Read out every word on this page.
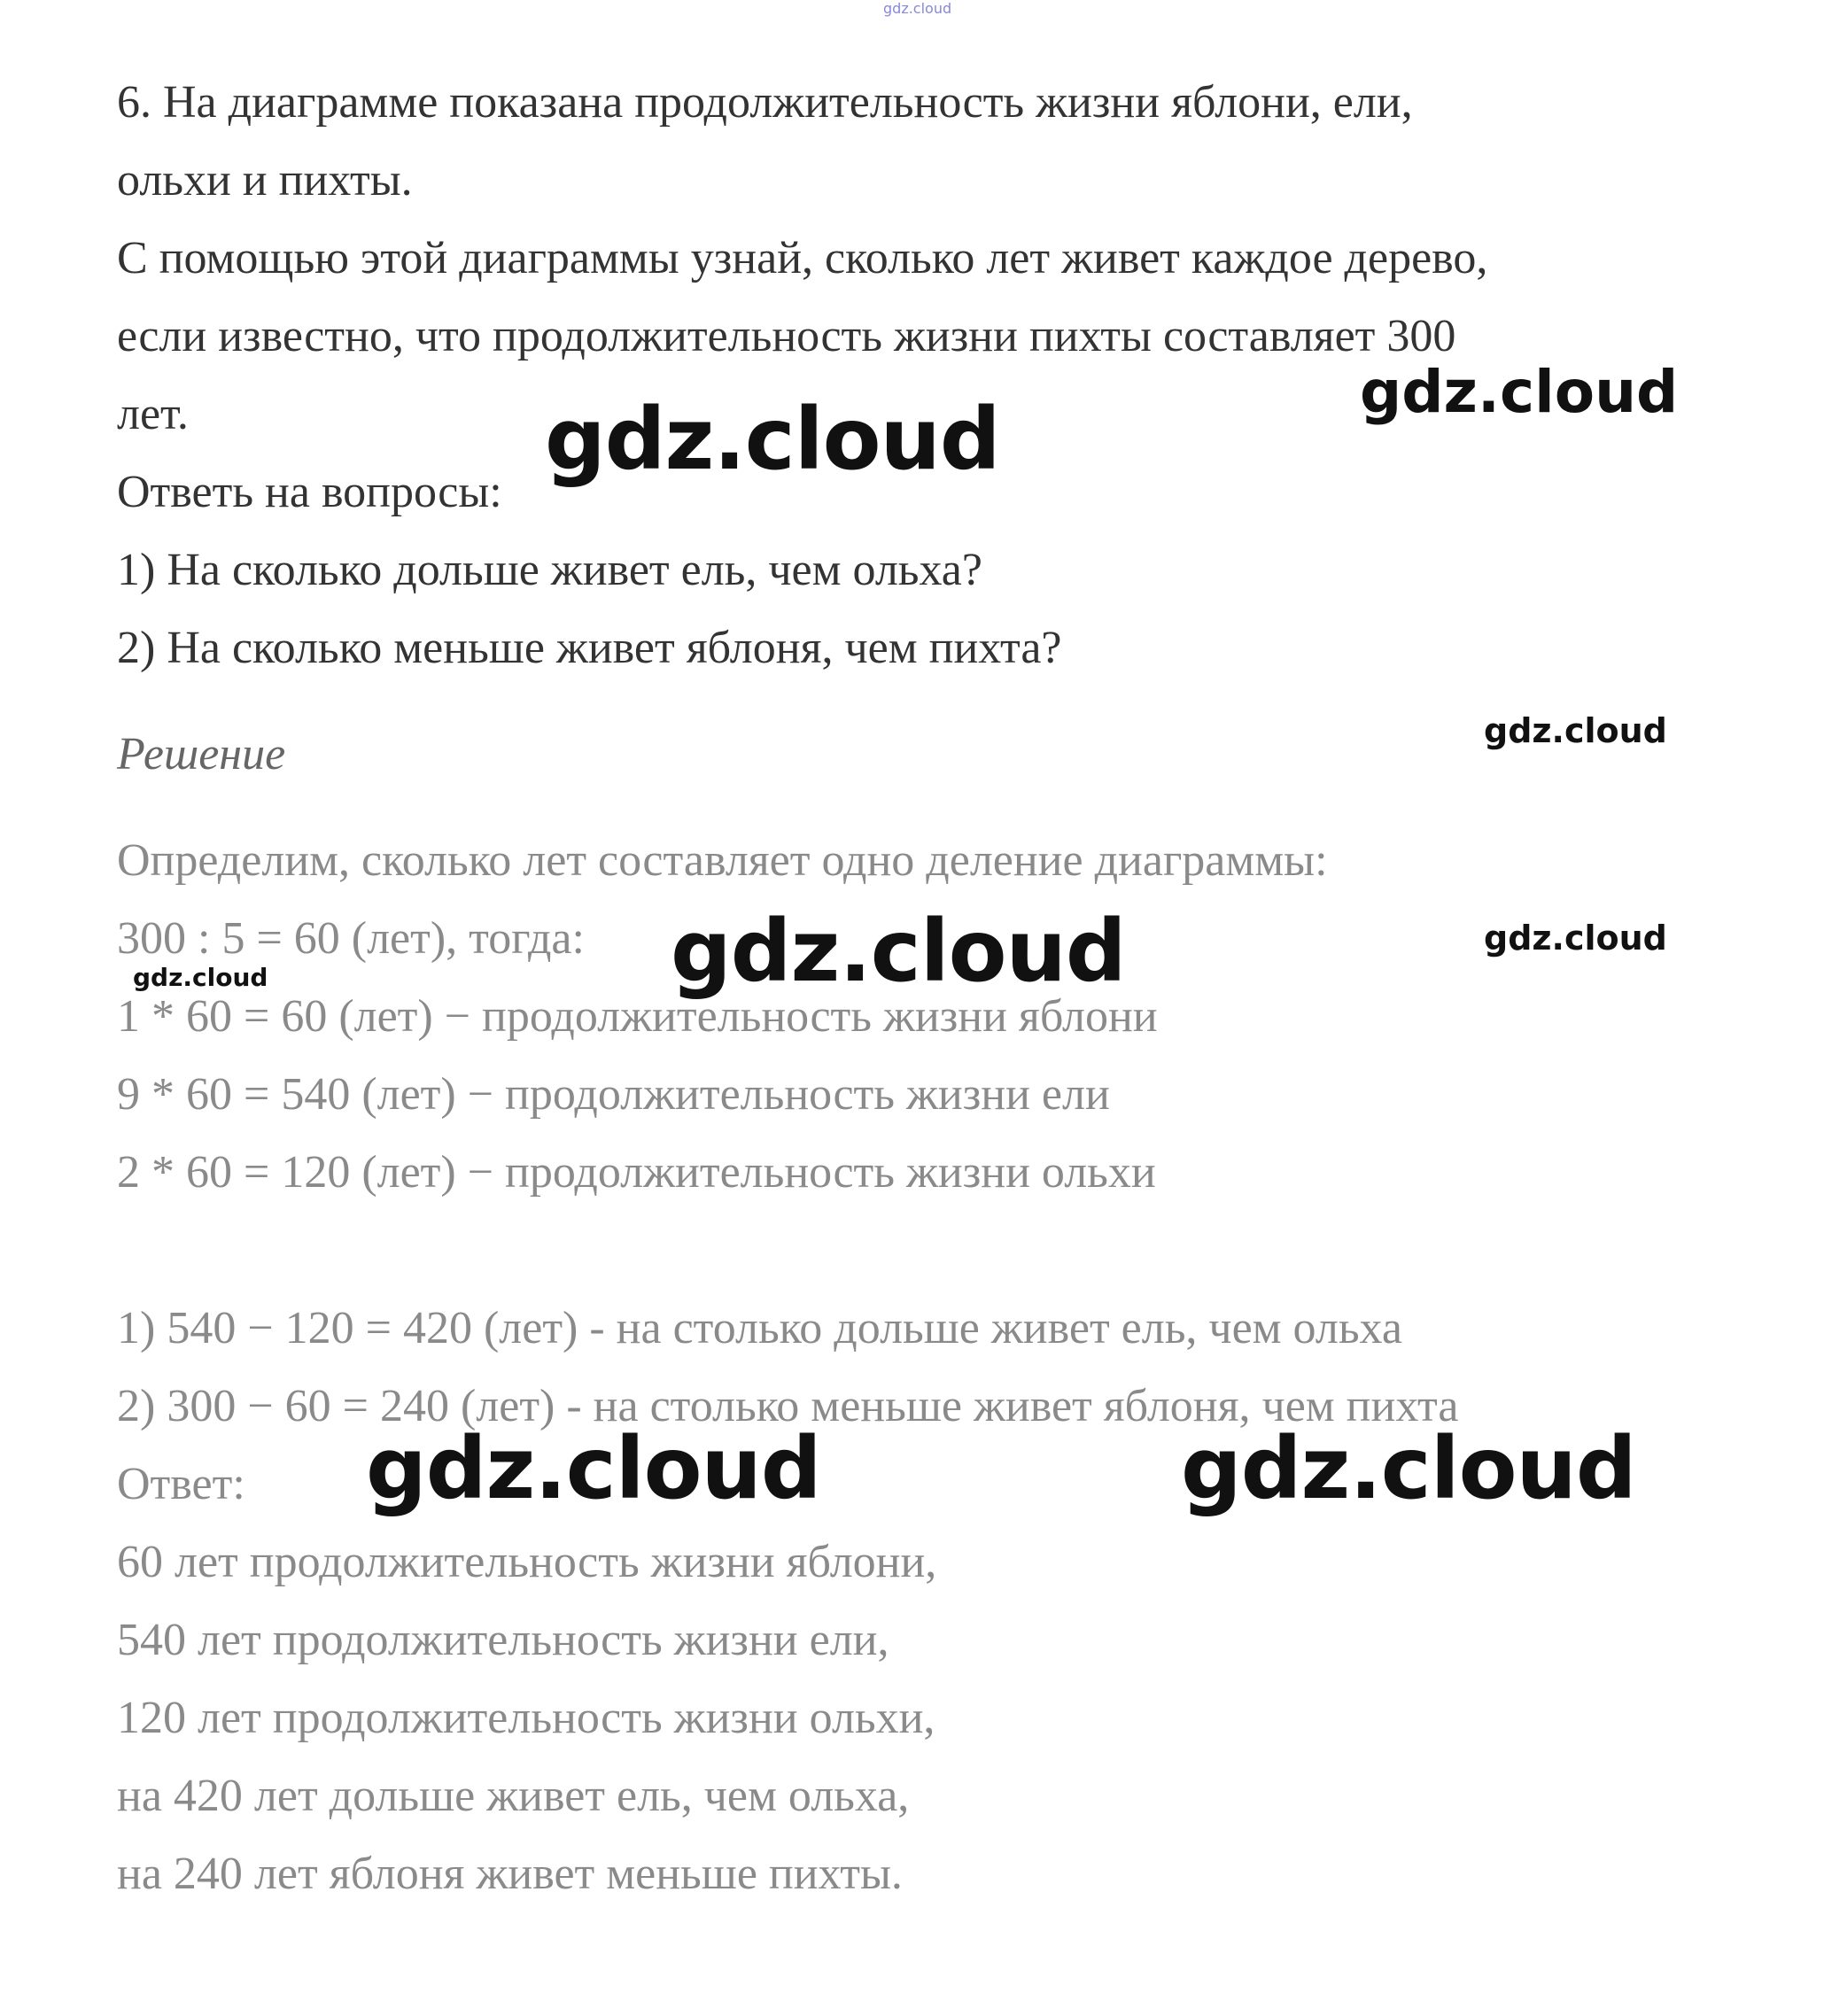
gdz.cloud

6. На диаграмме показана продолжительность жизни яблони, ели,

ольхи и пихты.

С помощью этой диаграммы узнай, сколько лет живет каждое дерево,

если известно, что продолжительность жизни пихты составляет 300

лет.

Ответь на вопросы:

1) На сколько дольше живет ель, чем ольха?

2) На сколько меньше живет яблоня, чем пихта?

Решение

Определим, сколько лет составляет одно деление диаграммы:

300 : 5 = 60 (лет), тогда:

1 * 60 = 60 (лет) − продолжительность жизни яблони

9 * 60 = 540 (лет) − продолжительность жизни ели

2 * 60 = 120 (лет) − продолжительность жизни ольхи

1) 540 − 120 = 420 (лет) - на столько дольше живет ель, чем ольха

2) 300 − 60 = 240 (лет) - на столько меньше живет яблоня, чем пихта

Ответ:

60 лет продолжительность жизни яблони,

540 лет продолжительность жизни ели,

120 лет продолжительность жизни ольхи,

на 420 лет дольше живет ель, чем ольха,

на 240 лет яблоня живет меньше пихты.

gdz.cloud
gdz.cloud
gdz.cloud
gdz.cloud	gdz.cloud
gdz.cloud
gdz.cloud	gdz.cloud
